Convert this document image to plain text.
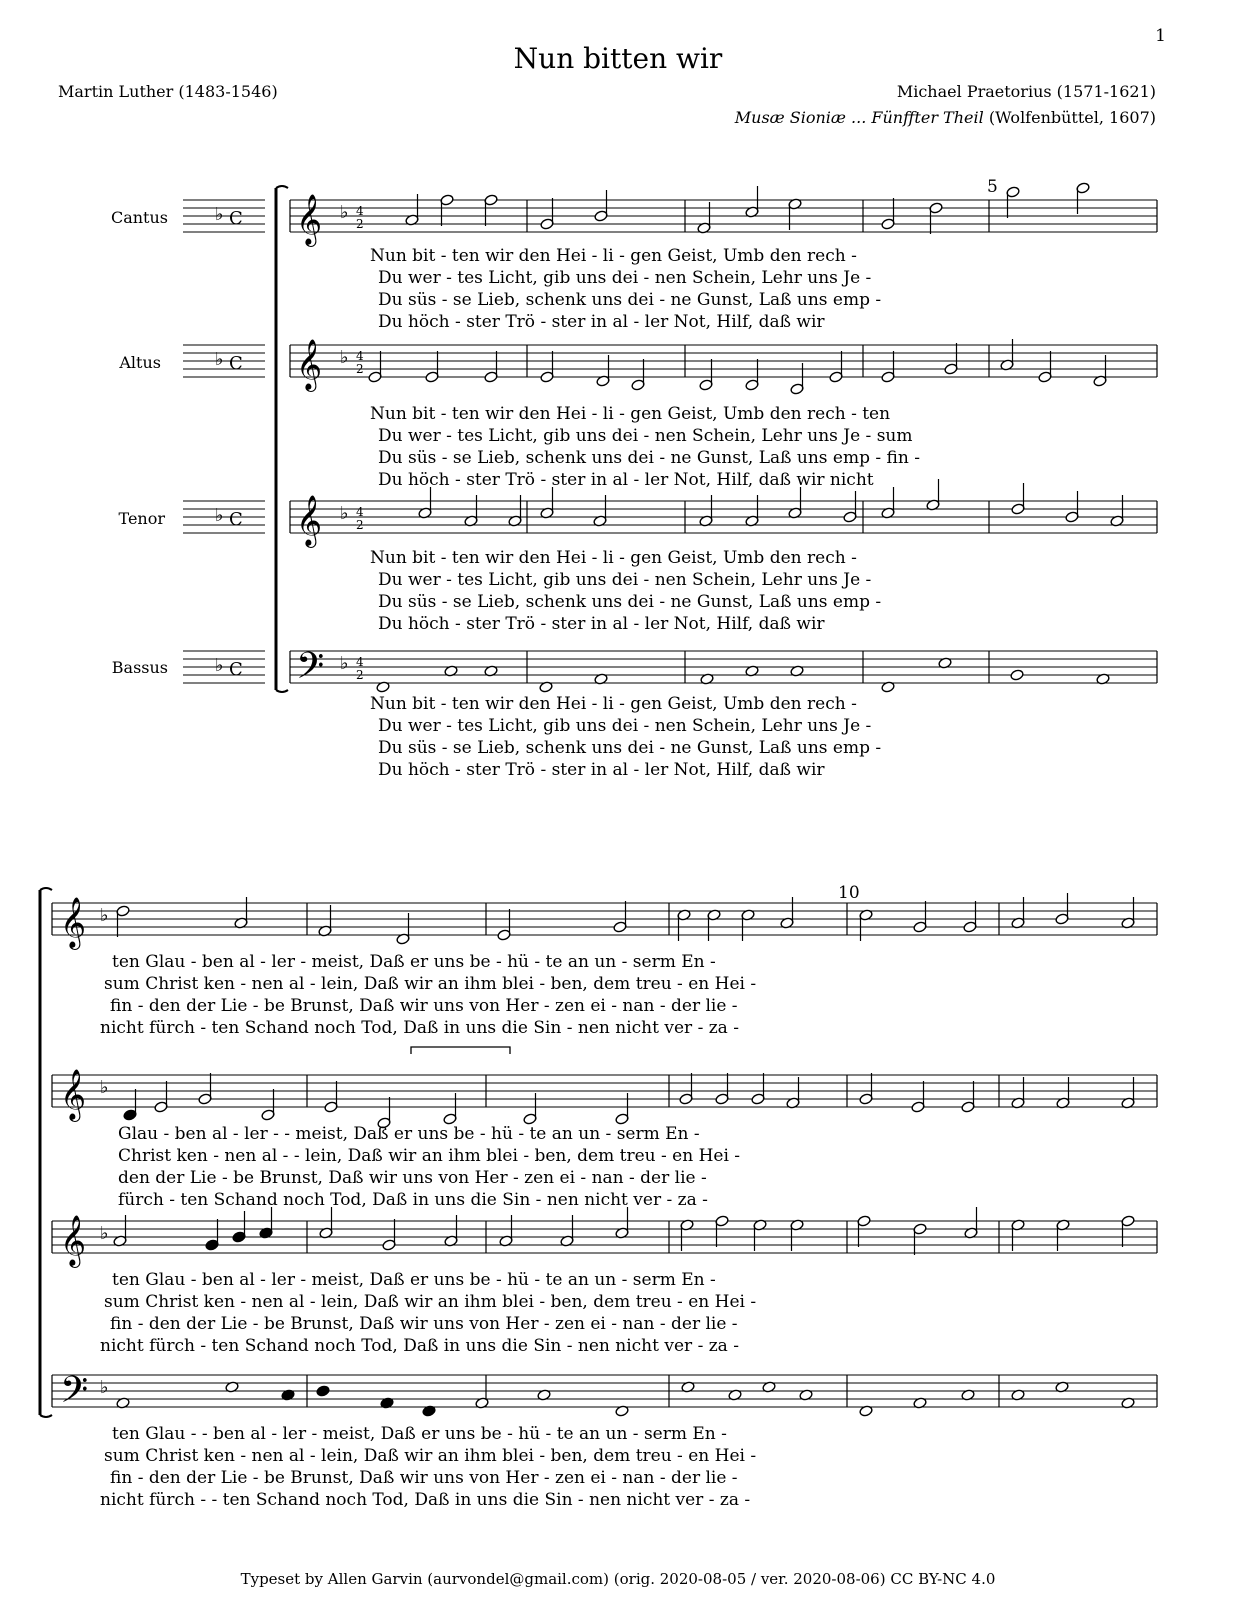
1
Nun bitten wir
Martin Luther (1483-1546)	Michael Praetorius (1571-1621)
Musæ Sioniæ ... Fünffter Theil (Wolfenbüttel, 1607)
Cantus
Altus
Tenor
Bassus
5
10
♭ C 𝄞 ♭ 4
2
♭ C 𝄞 ♭ 4
2
♭ C 𝄞 ♭ 4
2
♭ C 𝄢 ♭ 4
2
𝄞 ♭
𝄞 ♭
𝄞 ♭
𝄢 ♭
Nun bit - ten wir den Hei - li - gen Geist, Umb den rech -
Du wer - tes Licht, gib uns dei - nen Schein, Lehr uns Je -
Du süs - se Lieb, schenk uns dei - ne Gunst, Laß uns emp -
Du höch - ster Trö - ster in al - ler Not, Hilf, daß wir
Nun bit - ten wir den Hei - li - gen Geist, Umb den rech - ten
Du wer - tes Licht, gib uns dei - nen Schein, Lehr uns Je - sum
Du süs - se Lieb, schenk uns dei - ne Gunst, Laß uns emp - fin -
Du höch - ster Trö - ster in al - ler Not, Hilf, daß wir nicht
Nun bit - ten wir den Hei - li - gen Geist, Umb den rech -
Du wer - tes Licht, gib uns dei - nen Schein, Lehr uns Je -
Du süs - se Lieb, schenk uns dei - ne Gunst, Laß uns emp -
Du höch - ster Trö - ster in al - ler Not, Hilf, daß wir
Nun bit - ten wir den Hei - li - gen Geist, Umb den rech -
Du wer - tes Licht, gib uns dei - nen Schein, Lehr uns Je -
Du süs - se Lieb, schenk uns dei - ne Gunst, Laß uns emp -
Du höch - ster Trö - ster in al - ler Not, Hilf, daß wir
ten Glau - ben al - ler - meist, Daß er uns be - hü - te an un - serm En -
sum Christ ken - nen al - lein, Daß wir an ihm blei - ben, dem treu - en Hei -
fin - den der Lie - be Brunst, Daß wir uns von Her - zen ei - nan - der lie -
nicht fürch - ten Schand noch Tod, Daß in uns die Sin - nen nicht ver - za -
Glau - ben al - ler - - meist, Daß er uns be - hü - te an un - serm En -
Christ ken - nen al - - lein, Daß wir an ihm blei - ben, dem treu - en Hei -
den der Lie - be Brunst, Daß wir uns von Her - zen ei - nan - der lie -
fürch - ten Schand noch Tod, Daß in uns die Sin - nen nicht ver - za -
ten Glau - ben al - ler - meist, Daß er uns be - hü - te an un - serm En -
sum Christ ken - nen al - lein, Daß wir an ihm blei - ben, dem treu - en Hei -
fin - den der Lie - be Brunst, Daß wir uns von Her - zen ei - nan - der lie -
nicht fürch - ten Schand noch Tod, Daß in uns die Sin - nen nicht ver - za -
ten Glau - - ben al - ler - meist, Daß er uns be - hü - te an un - serm En -
sum Christ ken - nen al - lein, Daß wir an ihm blei - ben, dem treu - en Hei -
fin - den der Lie - be Brunst, Daß wir uns von Her - zen ei - nan - der lie -
nicht fürch - - ten Schand noch Tod, Daß in uns die Sin - nen nicht ver - za -
Typeset by Allen Garvin (aurvondel@gmail.com) (orig. 2020-08-05 / ver. 2020-08-06) CC BY-NC 4.0
